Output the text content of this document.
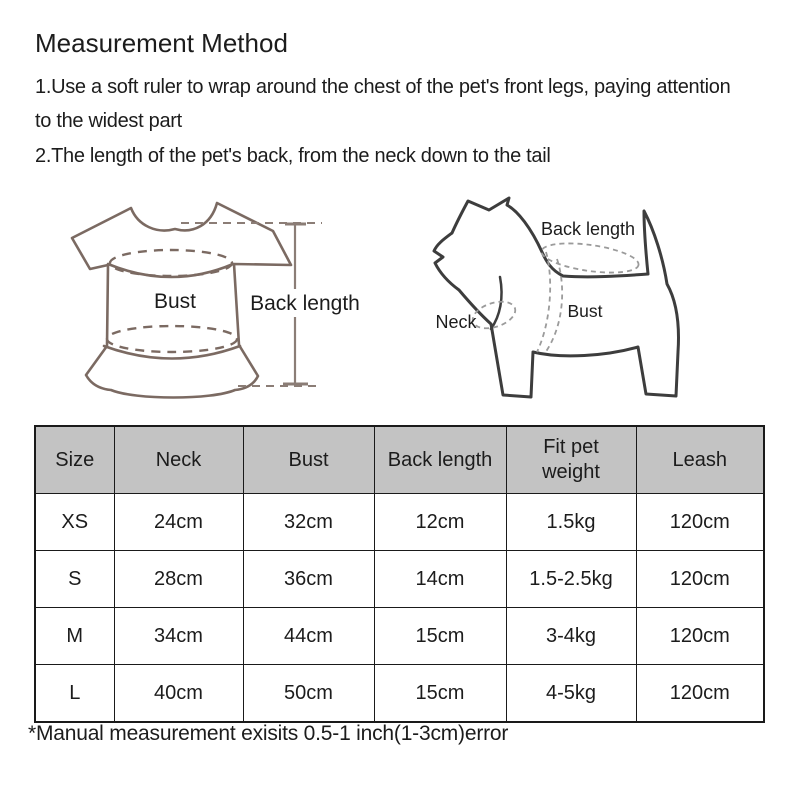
Measurement Method
1.Use a soft ruler to wrap around the chest of the pet's front legs, paying attention
to the widest part
2.The length of the pet's back, from the neck down to the tail
Bust	Back length
Back length
Neck
Bust
Size	Neck	Bust	Back length	Fit pet weight	Leash
XS	24cm	32cm	12cm	1.5kg	120cm
S	28cm	36cm	14cm	1.5-2.5kg	120cm
M	34cm	44cm	15cm	3-4kg	120cm
L	40cm	50cm	15cm	4-5kg	120cm
*Manual measurement exisits 0.5-1 inch(1-3cm)error
